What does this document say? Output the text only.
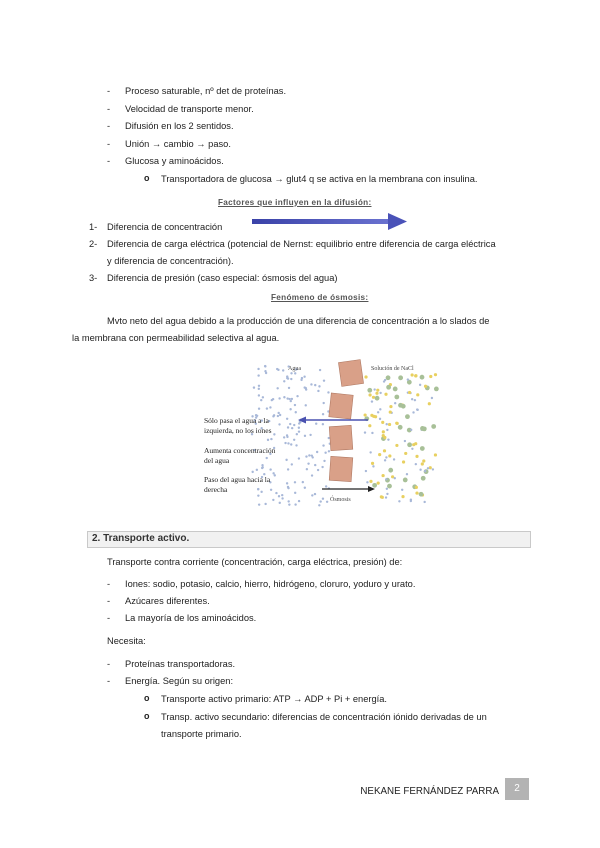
- Proceso saturable, nº det de proteínas.
- Velocidad de transporte menor.
- Difusión en los 2 sentidos.
- Unión → cambio → paso.
- Glucosa y aminoácidos.
o Transportadora de glucosa → glut4 q se activa en la membrana con insulina.
Factores que influyen en la difusión:
1- Diferencia de concentración
2- Diferencia de carga eléctrica (potencial de Nernst: equilibrio entre diferencia de carga eléctrica
y diferencia de concentración).
3- Diferencia de presión (caso especial: ósmosis del agua)
Fenómeno de ósmosis:
Mvto neto del agua debido a la producción de una diferencia de concentración a lo slados de
la membrana con permeabilidad selectiva al agua.
Agua	Solución de NaCl
Sólo pasa el agua a la
izquierda, no los iones
Aumenta concentración
del agua
Paso del agua hacia la
derecha
Ósmosis
2. Transporte activo.
Transporte contra corriente (concentración, carga eléctrica, presión) de:
- Iones: sodio, potasio, calcio, hierro, hidrógeno, cloruro, yoduro y urato.
- Azúcares diferentes.
- La mayoría de los aminoácidos.
Necesita:
- Proteínas transportadoras.
- Energía. Según su origen:
o Transporte activo primario: ATP → ADP + Pi + energía.
o Transp. activo secundario: diferencias de concentración iónido derivadas de un
transporte primario.
NEKANE FERNÁNDEZ PARRA	2
